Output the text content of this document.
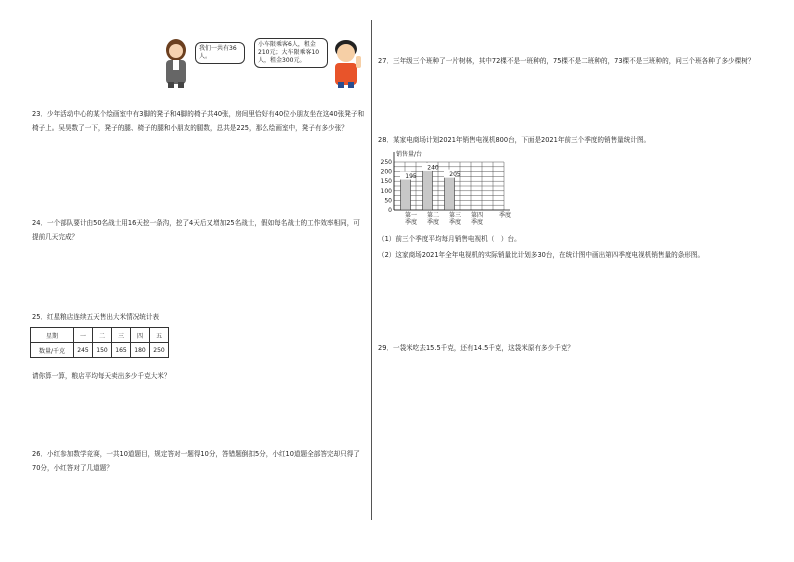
我们一共有36人。
小车限乘客6人，租金210元；大车限乘客10人，租金300元。
23．少年活动中心的某个绘画室中有3脚的凳子和4脚的椅子共40张，房间里恰好有40位小朋友坐在这40张凳子和椅子上。吴昊数了一下，凳子的腿、椅子的腿和小朋友的腿数，总共是225，那么绘画室中，凳子有多少张？
24．一个部队要计由50名战士用16天挖一条沟，挖了4天后又增加25名战士，假如每名战士的工作效率相同，可提前几天完成？
25．红星粮店连续五天售出大米情况统计表
星期	一	二	三	四	五
数量/千克	245	150	165	180	250
请你算一算，粮店平均每天卖出多少千克大米？
26．小红参加数学竞赛，一共10道题目，规定答对一题得10分，答错题倒扣5分，小红10道题全部答完却只得了70分，小红答对了几道题？
27．三年级三个班种了一片树林，其中72棵不是一班种的，75棵不是二班种的，73棵不是三班种的，问三个班各种了多少棵树？
28．某家电商场计划2021年销售电视机800台，下面是2021年前三个季度的销售量统计图。
销售量/台
0
50
100
150
200
250
195
第一
季度
240
第二
季度
205
第三
季度
第四
季度
季度
（1）前三个季度平均每月销售电视机（　）台。
（2）这家商场2021年全年电视机的实际销量比计划多30台，在统计图中画出第四季度电视机销售量的条形图。
29．一袋米吃去15.5千克，还有14.5千克，这袋米原有多少千克？
